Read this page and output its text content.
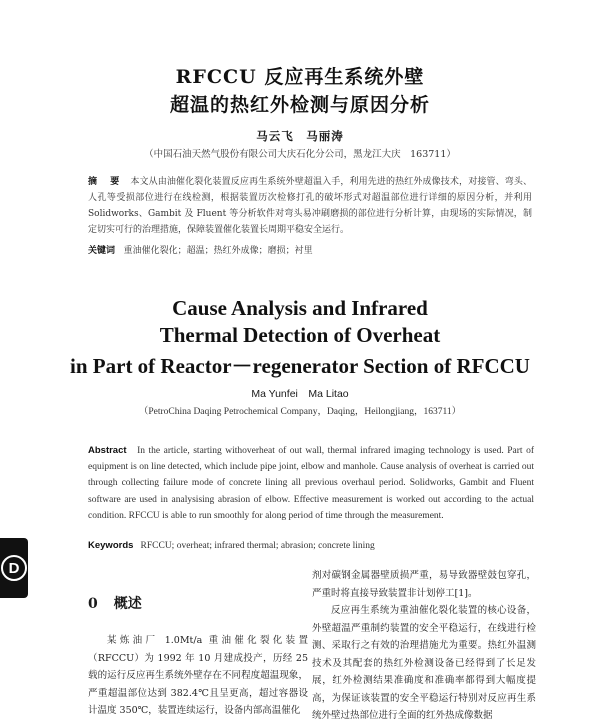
RFCCU 反应再生系统外壁
超温的热红外检测与原因分析
马云飞　马丽涛
（中国石油天然气股份有限公司大庆石化分公司，黑龙江大庆　163711）
摘　要 本文从由油催化裂化装置反应再生系统外壁超温入手，利用先进的热红外成像技术，对接管、弯头、人孔等受损部位进行在线检测，根据装置历次检修打孔的破坏形式对超温部位进行详细的原因分析，并利用 Solidworks、Gambit 及 Fluent 等分析软件对弯头易冲刷磨损的部位进行分析计算，由现场的实际情况，制定切实可行的治理措施，保障装置催化装置长周期平稳安全运行。
关键词 重油催化裂化；超温；热红外成像；磨损；衬里
Cause Analysis and Infrared
Thermal Detection of Overheat
in Part of Reactor－regenerator Section of RFCCU
Ma Yunfei　Ma Litao
（PetroChina Daqing Petrochemical Company，Daqing，Heilongjiang，163711）
Abstract In the article, starting withoverheat of out wall, thermal infrared imaging technology is used. Part of equipment is on line detected, which include pipe joint, elbow and manhole. Cause analysis of overheat is carried out through collecting failure mode of concrete lining all previous overhaul period. Solidworks, Gambit and Fluent software are used in analysising abrasion of elbow. Effective measurement is worked out according to the actual condition. RFCCU is able to run smoothly for along period of time through the measurement.
Keywords RFCCU; overheat; infrared thermal; abrasion; concrete lining
D
0 概述
某炼油厂 1.0Mt/a 重油催化裂化装置（RFCCU）为 1992 年 10 月建成投产，历经 25 载的运行反应再生系统外壁存在不同程度超温现象，严重超温部位达到 382.4℃且呈更高，超过容器设计温度 350℃，装置连续运行，设备内部高温催化
剂对碳钢金属器壁质损严重，易导致器壁鼓包穿孔，严重时将直接导致装置非计划停工[1]。
反应再生系统为重油催化裂化装置的核心设备，外壁超温严重制约装置的安全平稳运行，在线进行检测、采取行之有效的治理措施尤为重要。热红外温测技术及其配套的热红外检测设备已经得到了长足发展，红外检测结果准确度和准确率都得到大幅度提高，为保证该装置的安全平稳运行特别对反应再生系统外壁过热部位进行全面的红外热成像数据
